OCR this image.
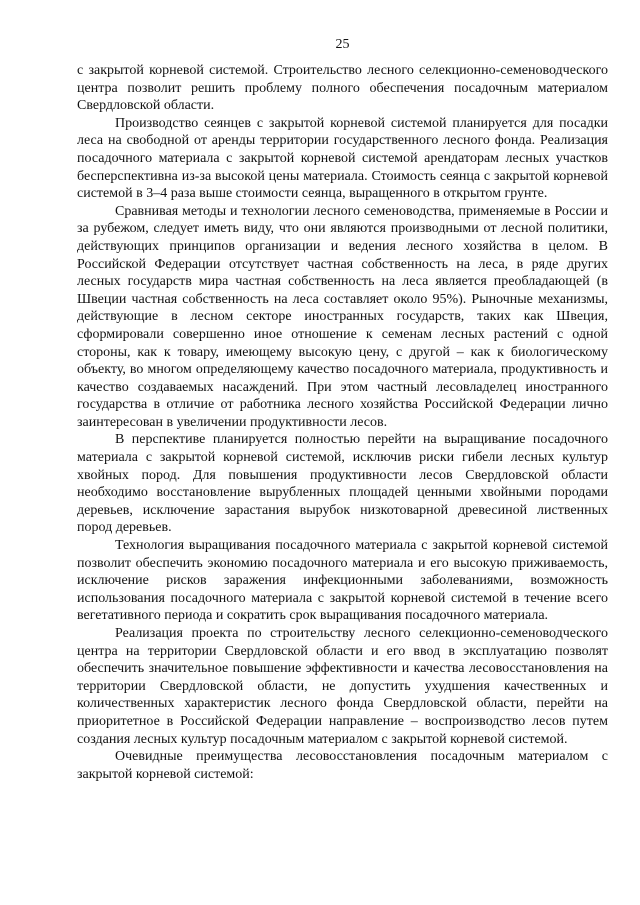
25

с закрытой корневой системой. Строительство лесного селекционно-семеноводческого центра позволит решить проблему полного обеспечения посадочным материалом Свердловской области.

Производство сеянцев с закрытой корневой системой планируется для посадки леса на свободной от аренды территории государственного лесного фонда. Реализация посадочного материала с закрытой корневой системой арендаторам лесных участков бесперспективна из-за высокой цены материала. Стоимость сеянца с закрытой корневой системой в 3–4 раза выше стоимости сеянца, выращенного в открытом грунте.

Сравнивая методы и технологии лесного семеноводства, применяемые в России и за рубежом, следует иметь виду, что они являются производными от лесной политики, действующих принципов организации и ведения лесного хозяйства в целом. В Российской Федерации отсутствует частная собственность на леса, в ряде других лесных государств мира частная собственность на леса является преобладающей (в Швеции частная собственность на леса составляет около 95%). Рыночные механизмы, действующие в лесном секторе иностранных государств, таких как Швеция, сформировали совершенно иное отношение к семенам лесных растений с одной стороны, как к товару, имеющему высокую цену, с другой – как к биологическому объекту, во многом определяющему качество посадочного материала, продуктивность и качество создаваемых насаждений. При этом частный лесовладелец иностранного государства в отличие от работника лесного хозяйства Российской Федерации лично заинтересован в увеличении продуктивности лесов.

В перспективе планируется полностью перейти на выращивание посадочного материала с закрытой корневой системой, исключив риски гибели лесных культур хвойных пород. Для повышения продуктивности лесов Свердловской области необходимо восстановление вырубленных площадей ценными хвойными породами деревьев, исключение зарастания вырубок низкотоварной древесиной лиственных пород деревьев.

Технология выращивания посадочного материала с закрытой корневой системой позволит обеспечить экономию посадочного материала и его высокую приживаемость, исключение рисков заражения инфекционными заболеваниями, возможность использования посадочного материала с закрытой корневой системой в течение всего вегетативного периода и сократить срок выращивания посадочного материала.

Реализация проекта по строительству лесного селекционно-семеноводческого центра на территории Свердловской области и его ввод в эксплуатацию позволят обеспечить значительное повышение эффективности и качества лесовосстановления на территории Свердловской области, не допустить ухудшения качественных и количественных характеристик лесного фонда Свердловской области, перейти на приоритетное в Российской Федерации направление – воспроизводство лесов путем создания лесных культур посадочным материалом с закрытой корневой системой.

Очевидные преимущества лесовосстановления посадочным материалом с закрытой корневой системой:
